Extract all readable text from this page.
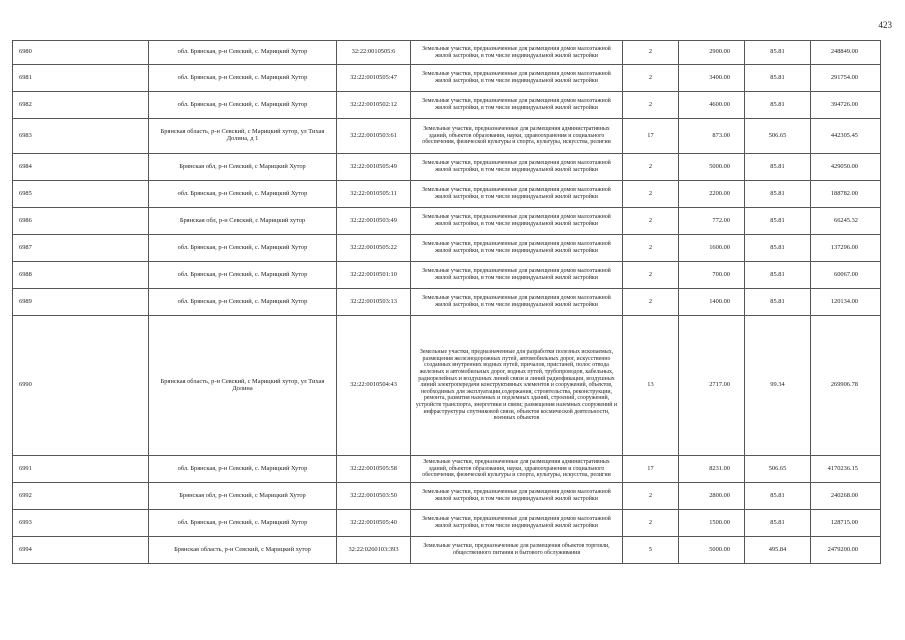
423
6980	обл. Брянская, р-н Севский, с. Марицкий Хутор	32:22:0010505:6	Земельные участки, предназначенные для размещения домов малоэтажной жилой застройки, в том числе индивидуальной жилой застройки	2	2900.00	85.81	248849.00
6981	обл. Брянская, р-н Севский, с. Марицкий Хутор	32:22:0010505:47	Земельные участки, предназначенные для размещения домов малоэтажной жилой застройки, в том числе индивидуальной жилой застройки	2	3400.00	85.81	291754.00
6982	обл. Брянская, р-н Севский, с. Марицкий Хутор	32:22:0010502:12	Земельные участки, предназначенные для размещения домов малоэтажной жилой застройки, в том числе индивидуальной жилой застройки	2	4600.00	85.81	394726.00
6983	Брянская область, р-н Севский, с Марицкий хутор, ул Тихая Долина, д 1	32:22:0010503:61	Земельные участки, предназначенные для размещения административных зданий, объектов образования, науки, здравоохранения и социального обеспечения, физической культуры и спорта, культуры, искусства, религии	17	873.00	506.65	442305.45
6984	Брянская обл, р-н Севский, с Марицкий Хутор	32:22:0010505:49	Земельные участки, предназначенные для размещения домов малоэтажной жилой застройки, в том числе индивидуальной жилой застройки	2	5000.00	85.81	429050.00
6985	обл. Брянская, р-н Севский, с. Марицкий Хутор	32:22:0010505:11	Земельные участки, предназначенные для размещения домов малоэтажной жилой застройки, в том числе индивидуальной жилой застройки	2	2200.00	85.81	188782.00
6986	Брянская обл, р-н Севский, с Марицкий хутор	32:22:0010503:49	Земельные участки, предназначенные для размещения домов малоэтажной жилой застройки, в том числе индивидуальной жилой застройки	2	772.00	85.81	66245.32
6987	обл. Брянская, р-н Севский, с. Марицкий Хутор	32:22:0010505:22	Земельные участки, предназначенные для размещения домов малоэтажной жилой застройки, в том числе индивидуальной жилой застройки	2	1600.00	85.81	137296.00
6988	обл. Брянская, р-н Севский, с. Марицкий Хутор	32:22:0010501:10	Земельные участки, предназначенные для размещения домов малоэтажной жилой застройки, в том числе индивидуальной жилой застройки	2	700.00	85.81	60067.00
6989	обл. Брянская, р-н Севский, с. Марицкий Хутор	32:22:0010503:13	Земельные участки, предназначенные для размещения домов малоэтажной жилой застройки, в том числе индивидуальной жилой застройки	2	1400.00	85.81	120134.00
6990	Брянская область, р-н Севский, с Марицкий хутор, ул Тихая Долина	32:22:0010504:43	Земельные участки, предназначенные для разработки полезных ископаемых, размещения железнодорожных путей, автомобильных дорог, искусственно созданных внутренних водных путей, причалов, пристаней, полос отвода железных и автомобильных дорог, водных путей, трубопроводов, кабельных, радиорелейных и воздушных линий связи и линий радиофикации, воздушных линий электропередачи конструктивных элементов и сооружений, объектов, необходимых для эксплуатации,содержания, строительства, реконструкции, ремонта, развития наземных и подземных зданий, строений, сооружений, устройств транспорта, энергетики и связи; размещения наземных сооружений и инфраструктуры спутниковой связи, объектов космической деятельности, военных объектов	13	2717.00	99.34	269906.78
6991	обл. Брянская, р-н Севский, с. Марицкий Хутор	32:22:0010505:58	Земельные участки, предназначенные для размещения административных зданий, объектов образования, науки, здравоохранения и социального обеспечения, физической культуры и спорта, культуры, искусства, религии	17	8231.00	506.65	4170236.15
6992	Брянская обл, р-н Севский, с Марицкий Хутор	32:22:0010503:50	Земельные участки, предназначенные для размещения домов малоэтажной жилой застройки, в том числе индивидуальной жилой застройки	2	2800.00	85.81	240268.00
6993	обл. Брянская, р-н Севский, с. Марицкий Хутор	32:22:0010505:40	Земельные участки, предназначенные для размещения домов малоэтажной жилой застройки, в том числе индивидуальной жилой застройки	2	1500.00	85.81	128715.00
6994	Брянская область, р-н Севский, с Марицкий хутор	32:22:0260103:393	Земельные участки, предназначенные для размещения объектов торговли, общественного питания и бытового обслуживания	5	5000.00	495.84	2479200.00
